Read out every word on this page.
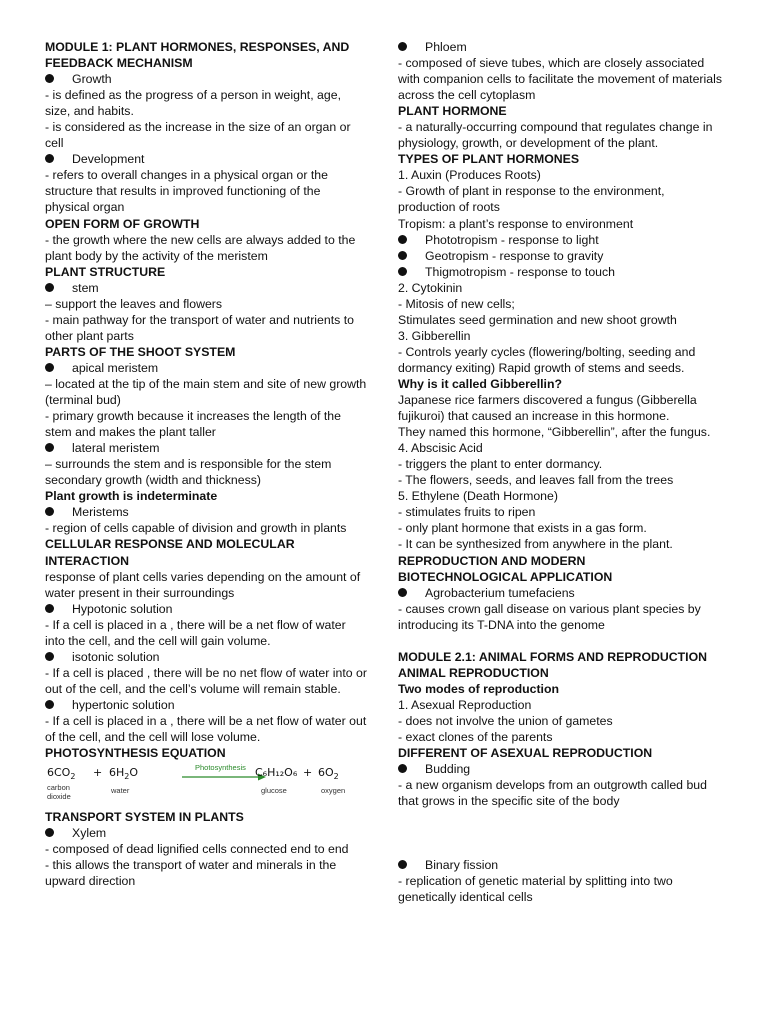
MODULE 1: PLANT HORMONES, RESPONSES, AND
FEEDBACK MECHANISM
Growth
- is defined as the progress of a person in weight, age, size, and habits.
- is considered as the increase in the size of an organ or cell
Development
- refers to overall changes in a physical organ or the structure that results in improved functioning of the physical organ
OPEN FORM OF GROWTH
- the growth where the new cells are always added to the plant body by the activity of the meristem
PLANT STRUCTURE
stem
– support the leaves and flowers
- main pathway for the transport of water and nutrients to other plant parts
PARTS OF THE SHOOT SYSTEM
apical meristem
– located at the tip of the main stem and site of new growth (terminal bud)
- primary growth because it increases the length of the stem and makes the plant taller
lateral meristem
– surrounds the stem and is responsible for the stem secondary growth (width and thickness)
Plant growth is indeterminate
Meristems
- region of cells capable of division and growth in plants
CELLULAR RESPONSE AND MOLECULAR
INTERACTION
response of plant cells varies depending on the amount of water present in their surroundings
Hypotonic solution
- If a cell is placed in a , there will be a net flow of water into the cell, and the cell will gain volume.
isotonic solution
- If a cell is placed , there will be no net flow of water into or out of the cell, and the cell’s volume will remain stable.
hypertonic solution
- If a cell is placed in a , there will be a net flow of water out of the cell, and the cell will lose volume.
PHOTOSYNTHESIS EQUATION
$6CO_2 + 6H_2O$	Photosynthesis $C_6H_{12}O_6 + 6O_2$
carbon
dioxide
water	glucose	oxygen
TRANSPORT SYSTEM IN PLANTS
Xylem
- composed of dead lignified cells connected end to end
- this allows the transport of water and minerals in the upward direction
Phloem
- composed of sieve tubes, which are closely associated with companion cells to facilitate the movement of materials across the cell cytoplasm
PLANT HORMONE
- a naturally-occurring compound that regulates change in physiology, growth, or development of the plant.
TYPES OF PLANT HORMONES
1. Auxin (Produces Roots)
- Growth of plant in response to the environment, production of roots
Tropism: a plant’s response to environment
Phototropism - response to light
Geotropism - response to gravity
Thigmotropism - response to touch
2. Cytokinin
- Mitosis of new cells;
Stimulates seed germination and new shoot growth
3. Gibberellin
- Controls yearly cycles (flowering/bolting, seeding and dormancy exiting) Rapid growth of stems and seeds.
Why is it called Gibberellin?
Japanese rice farmers discovered a fungus (Gibberella fujikuroi) that caused an increase in this hormone.
They named this hormone, “Gibberellin”, after the fungus.
4. Abscisic Acid
- triggers the plant to enter dormancy.
- The flowers, seeds, and leaves fall from the trees
5. Ethylene (Death Hormone)
- stimulates fruits to ripen
- only plant hormone that exists in a gas form.
- It can be synthesized from anywhere in the plant.
REPRODUCTION AND MODERN
BIOTECHNOLOGICAL APPLICATION
Agrobacterium tumefaciens
- causes crown gall disease on various plant species by introducing its T-DNA into the genome
MODULE 2.1: ANIMAL FORMS AND REPRODUCTION
ANIMAL REPRODUCTION
Two modes of reproduction
1. Asexual Reproduction
- does not involve the union of gametes
- exact clones of the parents
DIFFERENT OF ASEXUAL REPRODUCTION
Budding
- a new organism develops from an outgrowth called bud that grows in the specific site of the body
Binary fission
- replication of genetic material by splitting into two genetically identical cells
